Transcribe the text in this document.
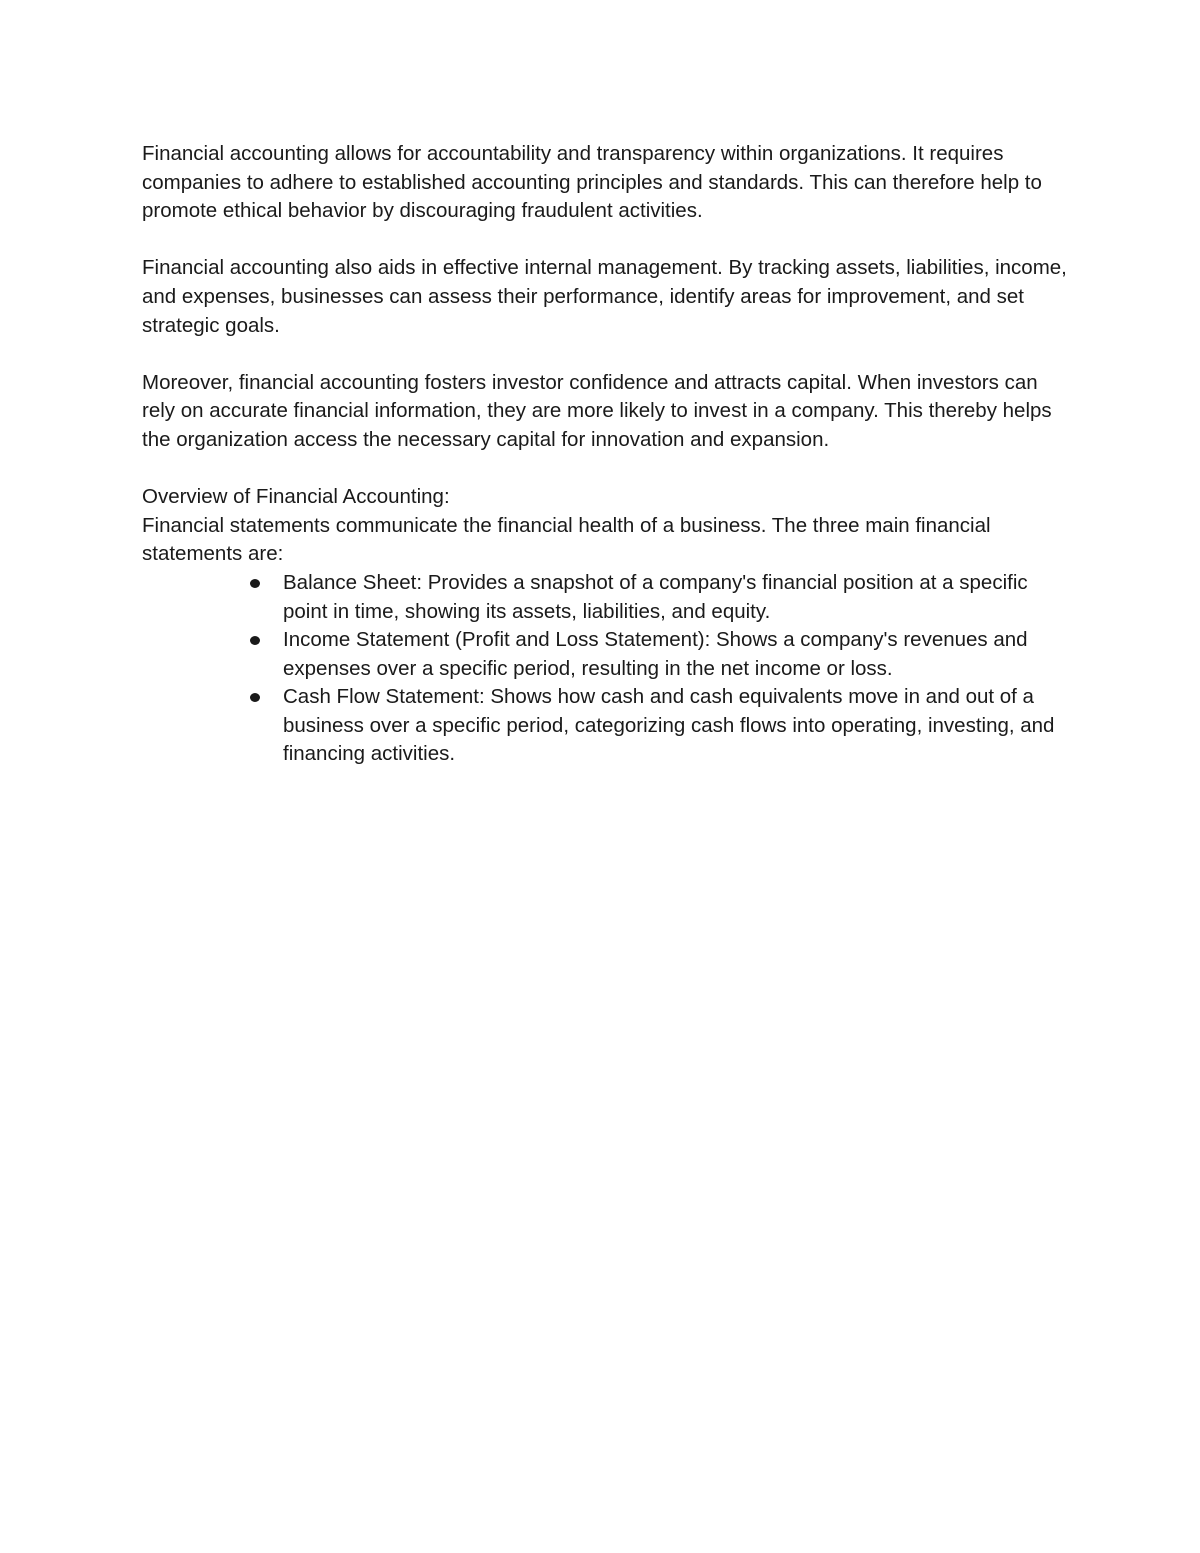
Financial accounting allows for accountability and transparency within organizations. It requires companies to adhere to established accounting principles and standards. This can therefore help to promote ethical behavior by discouraging fraudulent activities.

Financial accounting also aids in effective internal management. By tracking assets, liabilities, income, and expenses, businesses can assess their performance, identify areas for improvement, and set strategic goals.

Moreover, financial accounting fosters investor confidence and attracts capital. When investors can rely on accurate financial information, they are more likely to invest in a company. This thereby helps the organization access the necessary capital for innovation and expansion.

Overview of Financial Accounting:

Financial statements communicate the financial health of a business. The three main financial statements are:

Balance Sheet: Provides a snapshot of a company's financial position at a specific point in time, showing its assets, liabilities, and equity.
Income Statement (Profit and Loss Statement): Shows a company's revenues and expenses over a specific period, resulting in the net income or loss.
Cash Flow Statement: Shows how cash and cash equivalents move in and out of a business over a specific period, categorizing cash flows into operating, investing, and financing activities.
